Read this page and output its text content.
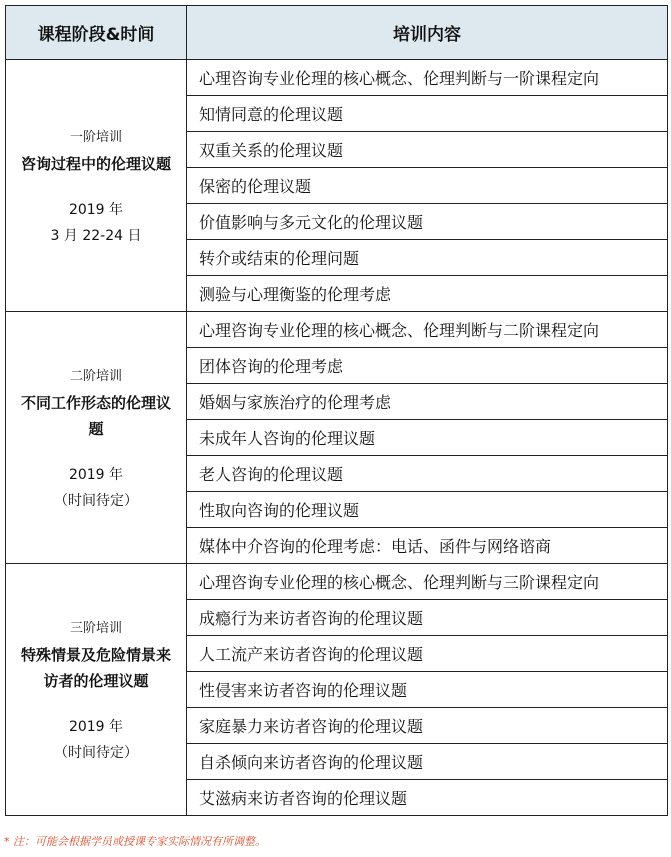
课程阶段&时间	培训内容

一阶培训
咨询过程中的伦理议题
2019 年
3 月 22-24 日	心理咨询专业伦理的核心概念、伦理判断与一阶课程定向
	知情同意的伦理议题
	双重关系的伦理议题
	保密的伦理议题
	价值影响与多元文化的伦理议题
	转介或结束的伦理问题
	测验与心理衡鉴的伦理考虑

二阶培训
不同工作形态的伦理议题
2019 年
（时间待定）	心理咨询专业伦理的核心概念、伦理判断与二阶课程定向
	团体咨询的伦理考虑
	婚姻与家族治疗的伦理考虑
	未成年人咨询的伦理议题
	老人咨询的伦理议题
	性取向咨询的伦理议题
	媒体中介咨询的伦理考虑：电话、函件与网络谘商

三阶培训
特殊情景及危险情景来访者的伦理议题
2019 年
（时间待定）	心理咨询专业伦理的核心概念、伦理判断与三阶课程定向
	成瘾行为来访者咨询的伦理议题
	人工流产来访者咨询的伦理议题
	性侵害来访者咨询的伦理议题
	家庭暴力来访者咨询的伦理议题
	自杀倾向来访者咨询的伦理议题
	艾滋病来访者咨询的伦理议题
* 注：可能会根据学员或授课专家实际情况有所调整。
